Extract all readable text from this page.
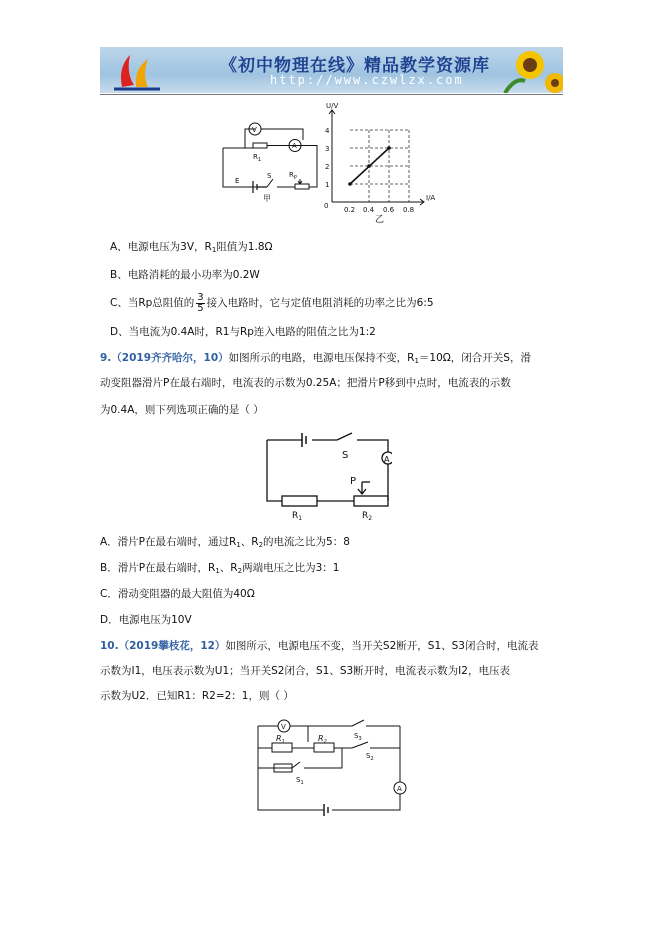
《初中物理在线》精品教学资源库
http://www.czwlzx.com
V
A
$R_1$
E
S	$R_P$
甲
U/V
I/A
0
1
2
3
4
0.2 0.4 0.6 0.8
乙
A、电源电压为3V，$R_1$阻值为1.8Ω
B、电路消耗的最小功率为0.2W
C、当Rp总阻值的 $\frac{3}{5}$ 接入电路时，它与定值电阻消耗的功率之比为6:5
D、当电流为0.4A时，R1与Rp连入电路的阻值之比为1:2
9.（2019齐齐哈尔，10）如图所示的电路，电源电压保持不变，$R_1=10\Omega$，闭合开关S，滑
动变阻器滑片P在最右端时，电流表的示数为0.25A；把滑片P移到中点时，电流表的示数
为0.4A，则下列选项正确的是（ ）
S	A
P
$R_1$	$R_2$
A．滑片P在最右端时，通过$R_1$、$R_2$的电流之比为5：8
B．滑片P在最右端时，$R_1$、$R_2$两端电压之比为3：1
C．滑动变阻器的最大阻值为40Ω
D．电源电压为10V
10.（2019攀枝花，12）如图所示，电源电压不变，当开关S2断开，S1、S3闭合时，电流表
示数为I1，电压表示数为U1；当开关S2闭合，S1、S3断开时，电流表示数为I2，电压表
示数为U2．已知R1：R2=2：1，则（ ）
V
A
$R_1$	$R_2$
$S_1$
$S_2$
$S_3$
